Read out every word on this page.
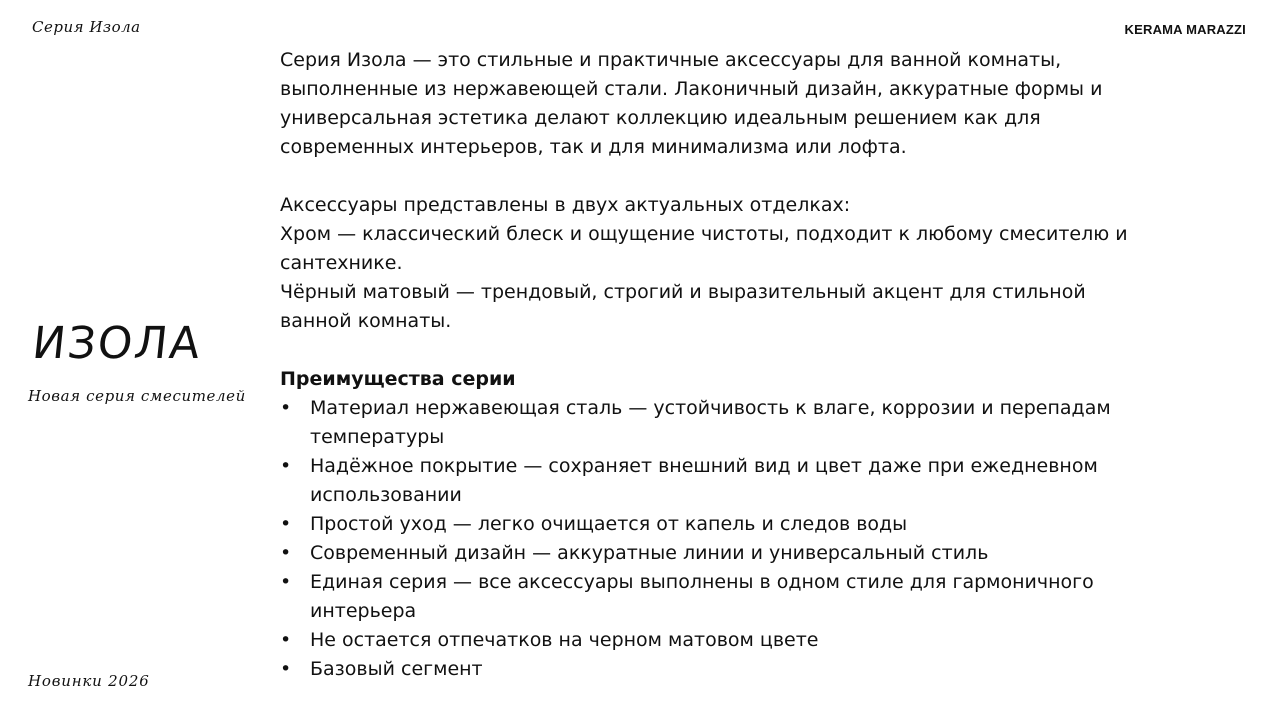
Серия Изола	KERAMA MARAZZI
ИЗОЛА
Новая серия смесителей
Новинки 2026

Серия Изола — это стильные и практичные аксессуары для ванной комнаты, выполненные из нержавеющей стали. Лаконичный дизайн, аккуратные формы и универсальная эстетика делают коллекцию идеальным решением как для современных интерьеров, так и для минимализма или лофта.

Аксессуары представлены в двух актуальных отделках:

Хром — классический блеск и ощущение чистоты, подходит к любому смесителю и сантехнике.

Чёрный матовый — трендовый, строгий и выразительный акцент для стильной ванной комнаты.

Преимущества серии

• Материал нержавеющая сталь — устойчивость к влаге, коррозии и перепадам температуры
• Надёжное покрытие — сохраняет внешний вид и цвет даже при ежедневном использовании
• Простой уход — легко очищается от капель и следов воды
• Современный дизайн — аккуратные линии и универсальный стиль
• Единая серия — все аксессуары выполнены в одном стиле для гармоничного интерьера
• Не остается отпечатков на черном матовом цвете
• Базовый сегмент
